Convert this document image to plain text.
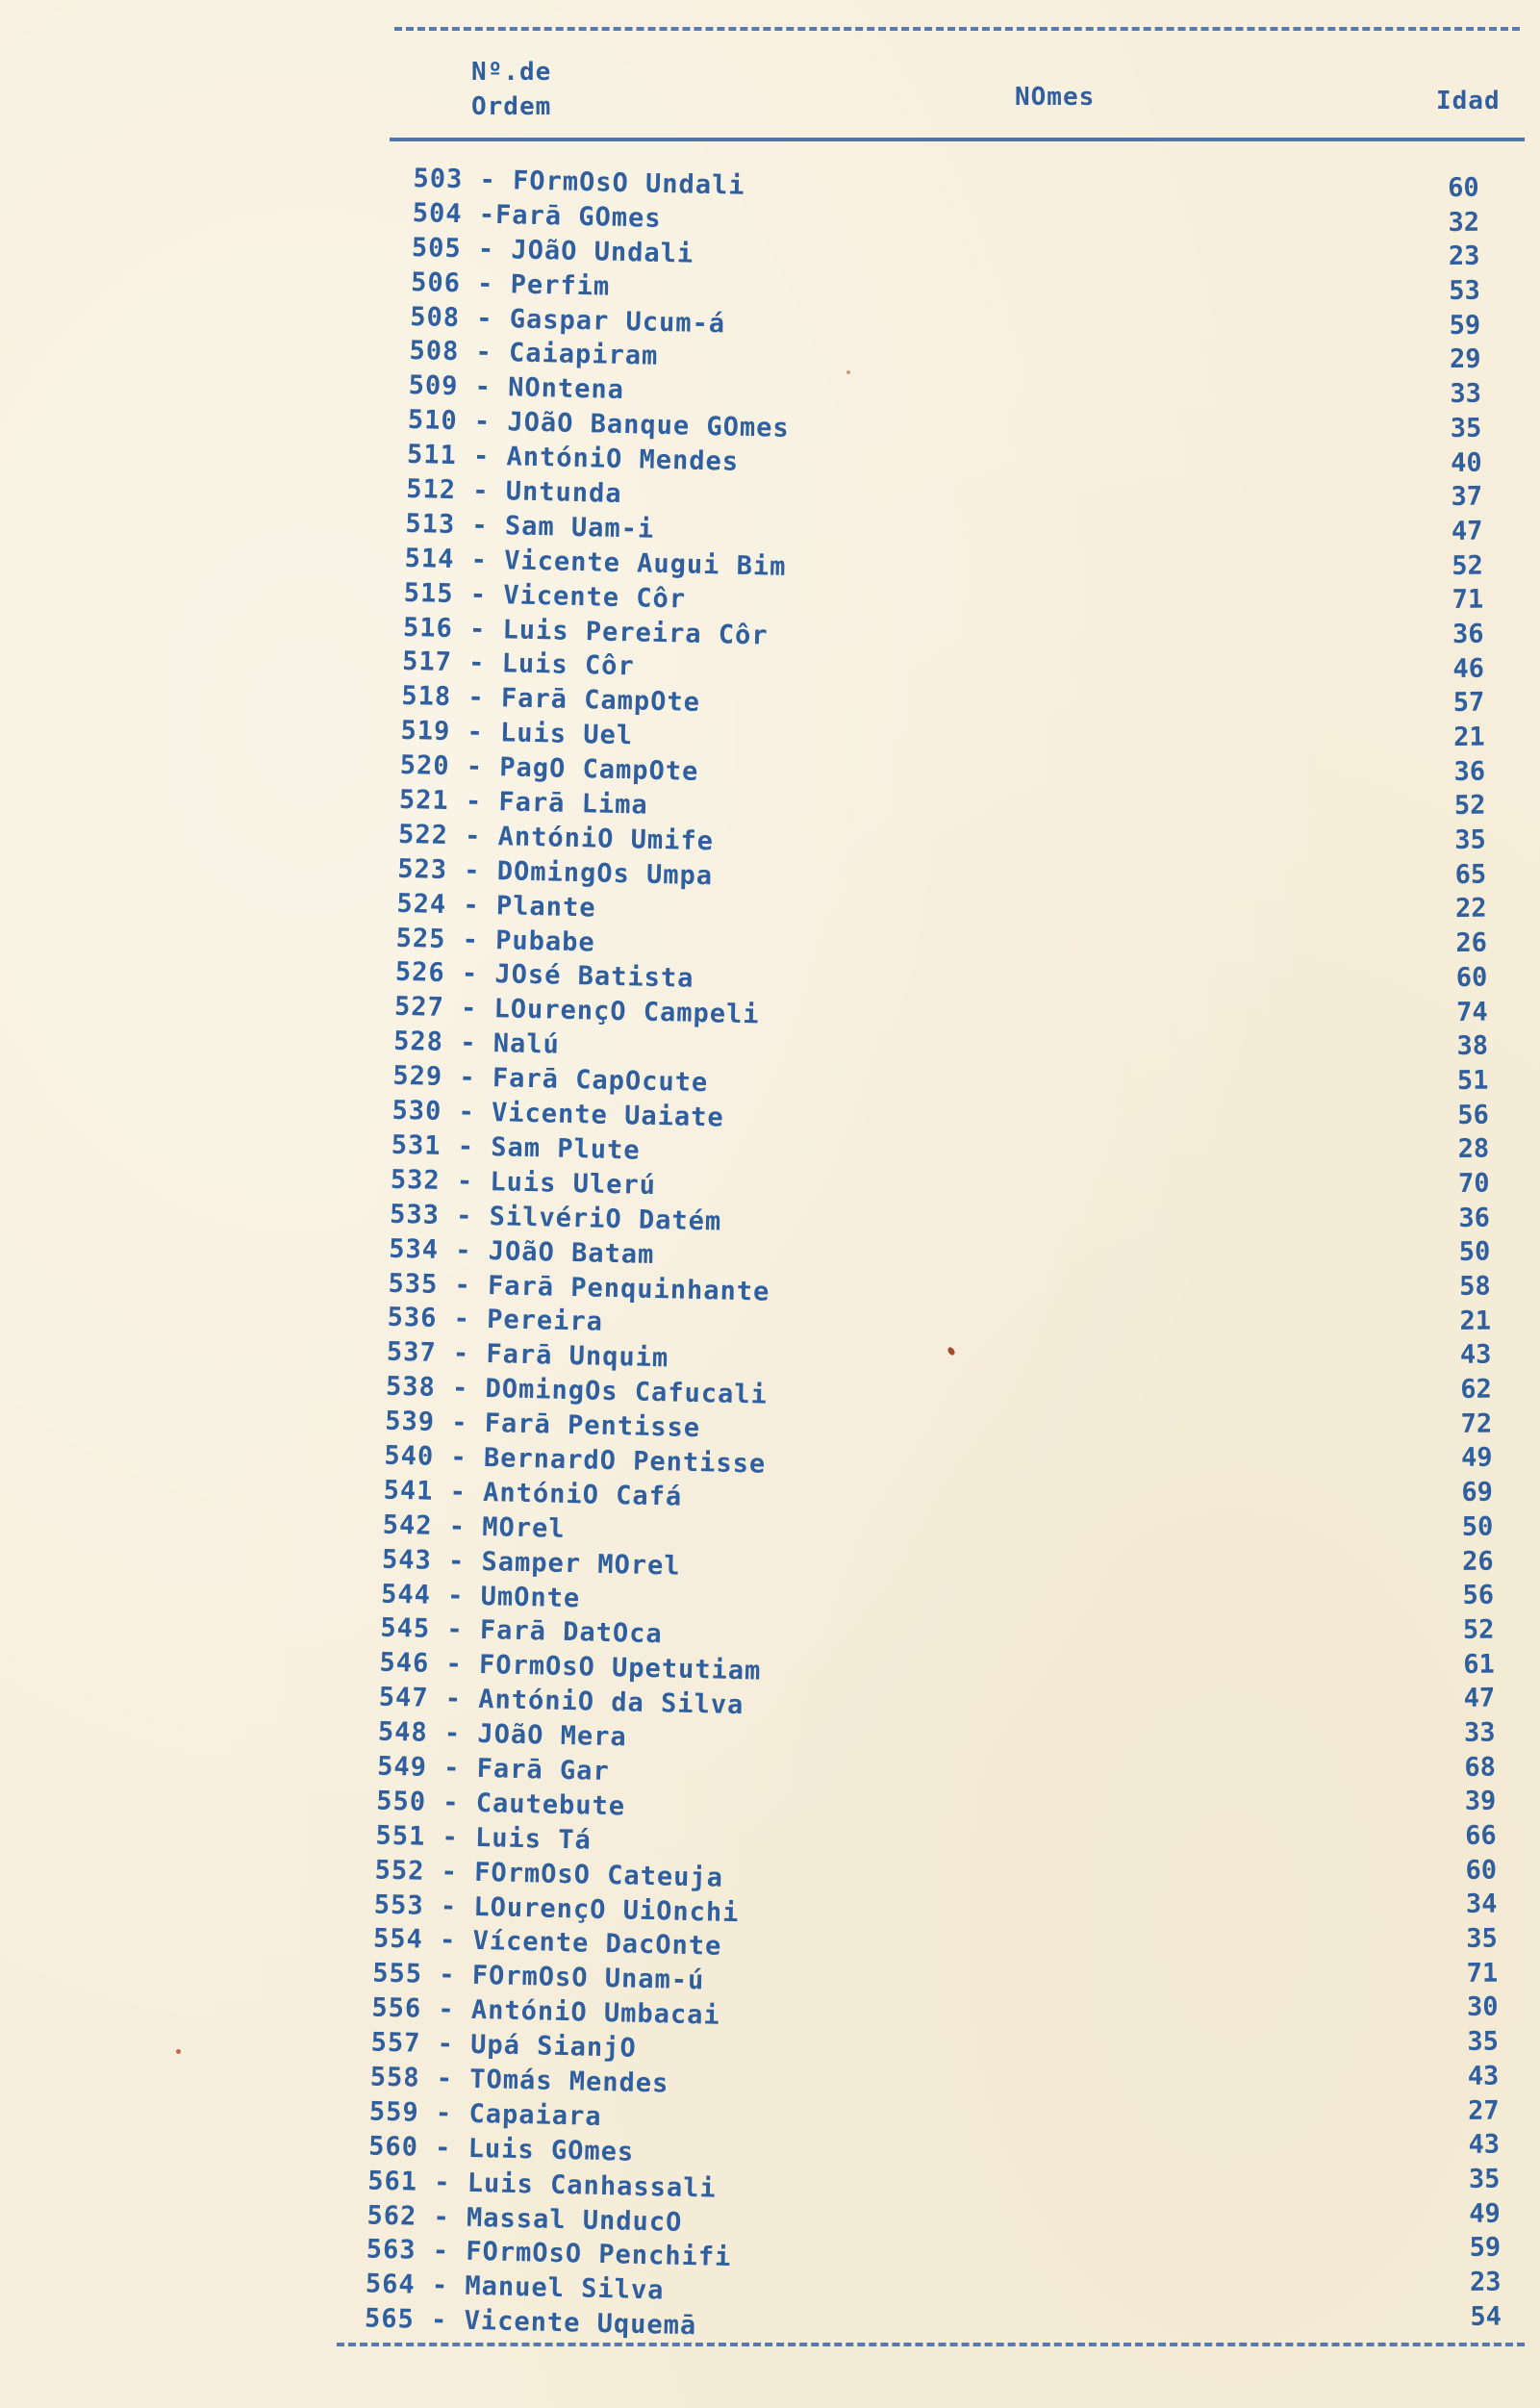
Nº.de
Ordem	NOmes	Idad
503 - FOrmOsO Undali
504 -Farā GOmes
505 - JOãO Undali
506 - Perfim
508 - Gaspar Ucum-á
508 - Caiapiram
509 - NOntena
510 - JOãO Banque GOmes
511 - AntóniO Mendes
512 - Untunda
513 - Sam Uam-i
514 - Vicente Augui Bim
515 - Vicente Côr
516 - Luis Pereira Côr
517 - Luis Côr
518 - Farā CampOte
519 - Luis Uel
520 - PagO CampOte
521 - Farā Lima
522 - AntóniO Umife
523 - DOmingOs Umpa
524 - Plante
525 - Pubabe
526 - JOsé Batista
527 - LOurençO Campeli
528 - Nalú
529 - Farā CapOcute
530 - Vicente Uaiate
531 - Sam Plute
532 - Luis Ulerú
533 - SilvériO Datém
534 - JOãO Batam
535 - Farā Penquinhante
536 - Pereira
537 - Farā Unquim
538 - DOmingOs Cafucali
539 - Farā Pentisse
540 - BernardO Pentisse
541 - AntóniO Cafá
542 - MOrel
543 - Samper MOrel
544 - UmOnte
545 - Farā DatOca
546 - FOrmOsO Upetutiam
547 - AntóniO da Silva
548 - JOãO Mera
549 - Farā Gar
550 - Cautebute
551 - Luis Tá
552 - FOrmOsO Cateuja
553 - LOurençO UiOnchi
554 - Vícente DacOnte
555 - FOrmOsO Unam-ú
556 - AntóniO Umbacai
557 - Upá SianjO
558 - TOmás Mendes
559 - Capaiara
560 - Luis GOmes
561 - Luis Canhassali
562 - Massal UnducO
563 - FOrmOsO Penchifi
564 - Manuel Silva
565 - Vicente Uquemā
60
32
23
53
59
29
33
35
40
37
47
52
71
36
46
57
21
36
52
35
65
22
26
60
74
38
51
56
28
70
36
50
58
21
43
62
72
49
69
50
26
56
52
61
47
33
68
39
66
60
34
35
71
30
35
43
27
43
35
49
59
23
54
